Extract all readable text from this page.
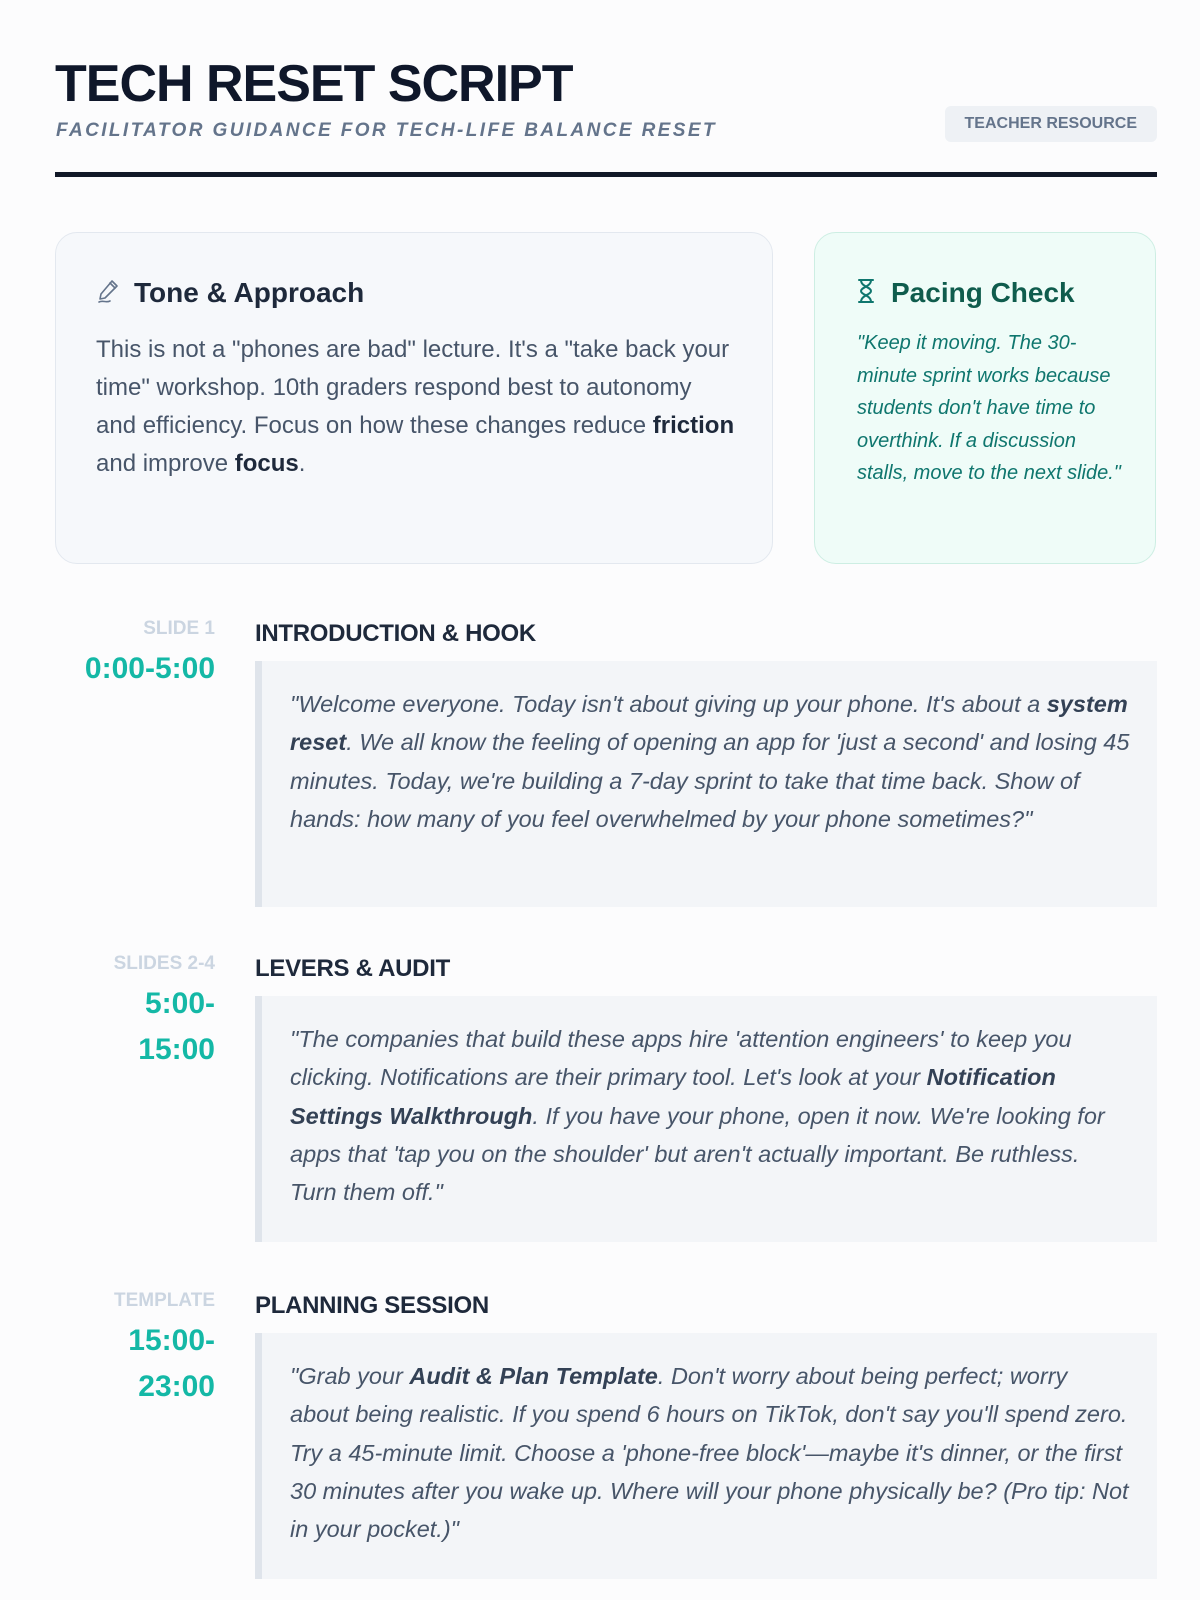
TECH RESET SCRIPT
FACILITATOR GUIDANCE FOR TECH-LIFE BALANCE RESET	TEACHER RESOURCE
Tone & Approach
This is not a "phones are bad" lecture. It's a "take back your time" workshop. 10th graders respond best to autonomy and efficiency. Focus on how these changes reduce friction and improve focus.
Pacing Check
"Keep it moving. The 30-minute sprint works because students don't have time to overthink. If a discussion stalls, move to the next slide."
SLIDE 1
0:00-5:00
INTRODUCTION & HOOK
"Welcome everyone. Today isn't about giving up your phone. It's about a system reset. We all know the feeling of opening an app for 'just a second' and losing 45 minutes. Today, we're building a 7-day sprint to take that time back. Show of hands: how many of you feel overwhelmed by your phone sometimes?"
SLIDES 2-4
5:00-
15:00
LEVERS & AUDIT
"The companies that build these apps hire 'attention engineers' to keep you clicking. Notifications are their primary tool. Let's look at your Notification Settings Walkthrough. If you have your phone, open it now. We're looking for apps that 'tap you on the shoulder' but aren't actually important. Be ruthless. Turn them off."
TEMPLATE
15:00-
23:00
PLANNING SESSION
"Grab your Audit & Plan Template. Don't worry about being perfect; worry about being realistic. If you spend 6 hours on TikTok, don't say you'll spend zero. Try a 45-minute limit. Choose a 'phone-free block'—maybe it's dinner, or the first 30 minutes after you wake up. Where will your phone physically be? (Pro tip: Not in your pocket.)"
